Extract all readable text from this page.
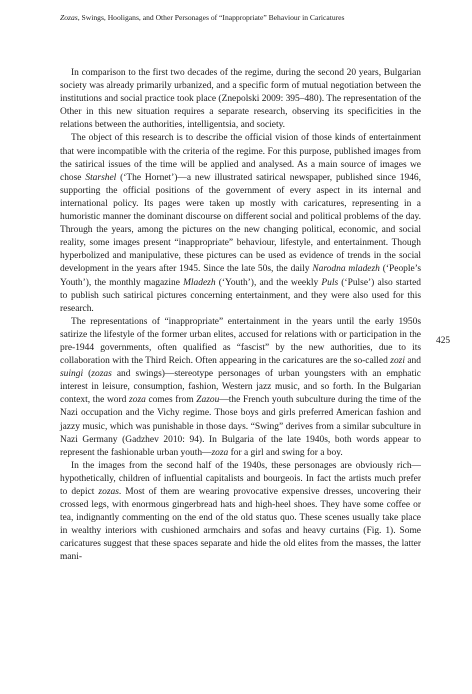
Zozas, Swings, Hooligans, and Other Personages of “Inappropriate” Behaviour in Caricatures

In comparison to the first two decades of the regime, during the second 20 years, Bulgarian society was already primarily urbanized, and a specific form of mutual negotiation between the institutions and social practice took place (Znepolski 2009: 395–480). The representation of the Other in this new situation requires a separate research, observing its specificities in the relations between the authorities, intelligentsia, and society.

The object of this research is to describe the official vision of those kinds of entertainment that were incompatible with the criteria of the regime. For this purpose, published images from the satirical issues of the time will be applied and analysed. As a main source of images we chose Starshel (‘The Hornet’)—a new illustrated satirical newspaper, published since 1946, supporting the official positions of the government of every aspect in its internal and international policy. Its pages were taken up mostly with caricatures, representing in a humoristic manner the dominant discourse on different social and political problems of the day. Through the years, among the pictures on the new changing political, economic, and social reality, some images present “inappropriate” behaviour, lifestyle, and entertainment. Though hyperbolized and manipulative, these pictures can be used as evidence of trends in the social development in the years after 1945. Since the late 50s, the daily Narodna mladezh (‘People’s Youth’), the monthly magazine Mladezh (‘Youth’), and the weekly Puls (‘Pulse’) also started to publish such satirical pictures concerning entertainment, and they were also used for this research.

The representations of “inappropriate” entertainment in the years until the early 1950s satirize the lifestyle of the former urban elites, accused for relations with or participation in the pre-1944 governments, often qualified as “fascist” by the new authorities, due to its collaboration with the Third Reich. Often appearing in the caricatures are the so-called zozi and suingi (zozas and swings)—stereotype personages of urban youngsters with an emphatic interest in leisure, consumption, fashion, Western jazz music, and so forth. In the Bulgarian context, the word zoza comes from Zazou—the French youth subculture during the time of the Nazi occupation and the Vichy regime. Those boys and girls preferred American fashion and jazzy music, which was punishable in those days. “Swing” derives from a similar subculture in Nazi Germany (Gadzhev 2010: 94). In Bulgaria of the late 1940s, both words appear to represent the fashionable urban youth—zoza for a girl and swing for a boy.

In the images from the second half of the 1940s, these personages are obviously rich—hypothetically, children of influential capitalists and bourgeois. In fact the artists much prefer to depict zozas. Most of them are wearing provocative expensive dresses, uncovering their crossed legs, with enormous gingerbread hats and high-heel shoes. They have some coffee or tea, indignantly commenting on the end of the old status quo. These scenes usually take place in wealthy interiors with cushioned armchairs and sofas and heavy curtains (Fig. 1). Some caricatures suggest that these spaces separate and hide the old elites from the masses, the latter mani-

425
